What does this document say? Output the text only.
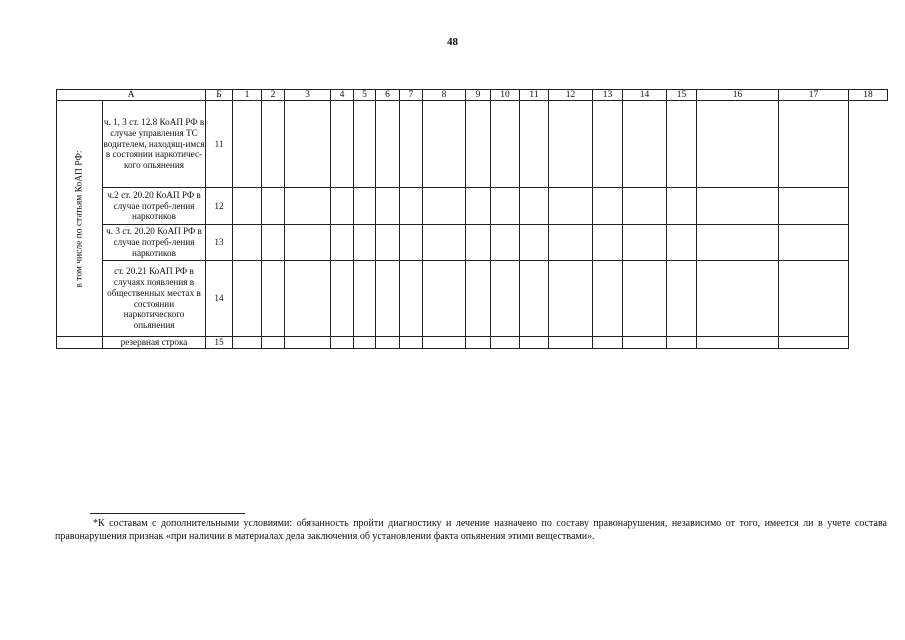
48
А		Б	1	2	3	4	5	6	7	8	9	10	11	12	13	14	15	16	17	18

в том числе по статьям КоАП РФ:	ч. 1, 3 ст. 12.8 КоАП РФ в случае управления ТС водителем, находящ-имся в состоянии наркотичес-кого опьянения	11																		
	ч.2 ст. 20.20 КоАП РФ в случае потреб-ления наркотиков	12																		
	ч. 3 ст. 20.20 КоАП РФ в случае потреб-ления наркотиков	13																		
	ст. 20.21 КоАП РФ в случаях появления в общественных местах в состоянии наркотического опьянения	14																		
	резервная строка	15																		
*К составам с дополнительными условиями: обязанность пройти диагностику и лечение назначено по составу правонарушения, независимо от того, имеется ли в учете состава правонарушения признак «при наличии в материалах дела заключения об установлении факта опьянения этими веществами».
